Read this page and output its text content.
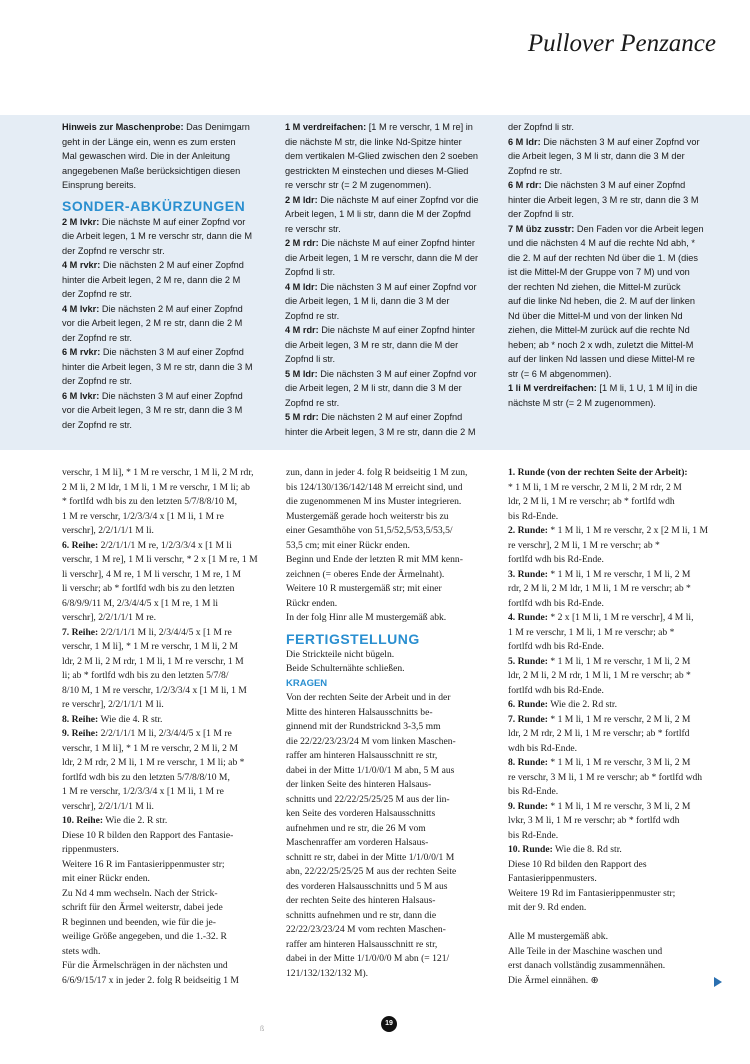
Pullover Penzance

Hinweis zur Maschenprobe: Das Denimgarn

geht in der Länge ein, wenn es zum ersten

Mal gewaschen wird. Die in der Anleitung

angegebenen Maße berücksichtigen diesen

Einsprung bereits.

SONDER-ABKÜRZUNGEN

2 M lvkr: Die nächste M auf einer Zopfnd vor

die Arbeit legen, 1 M re verschr str, dann die M

der Zopfnd re verschr str.

4 M rvkr: Die nächsten 2 M auf einer Zopfnd

hinter die Arbeit legen, 2 M re, dann die 2 M

der Zopfnd re str.

4 M lvkr: Die nächsten 2 M auf einer Zopfnd

vor die Arbeit legen, 2 M re str, dann die 2 M

der Zopfnd re str.

6 M rvkr: Die nächsten 3 M auf einer Zopfnd

hinter die Arbeit legen, 3 M re str, dann die 3 M

der Zopfnd re str.

6 M lvkr: Die nächsten 3 M auf einer Zopfnd

vor die Arbeit legen, 3 M re str, dann die 3 M

der Zopfnd re str.

1 M verdreifachen: [1 M re verschr, 1 M re] in

die nächste M str, die linke Nd-Spitze hinter

dem vertikalen M-Glied zwischen den 2 soeben

gestrickten M einstechen und dieses M-Glied

re verschr str (= 2 M zugenommen).

2 M ldr: Die nächste M auf einer Zopfnd vor die

Arbeit legen, 1 M li str, dann die M der Zopfnd

re verschr str.

2 M rdr: Die nächste M auf einer Zopfnd hinter

die Arbeit legen, 1 M re verschr, dann die M der

Zopfnd li str.

4 M ldr: Die nächsten 3 M auf einer Zopfnd vor

die Arbeit legen, 1 M li, dann die 3 M der

Zopfnd re str.

4 M rdr: Die nächste M auf einer Zopfnd hinter

die Arbeit legen, 3 M re str, dann die M der

Zopfnd li str.

5 M ldr: Die nächsten 3 M auf einer Zopfnd vor

die Arbeit legen, 2 M li str, dann die 3 M der

Zopfnd re str.

5 M rdr: Die nächsten 2 M auf einer Zopfnd

hinter die Arbeit legen, 3 M re str, dann die 2 M

der Zopfnd li str.

6 M ldr: Die nächsten 3 M auf einer Zopfnd vor

die Arbeit legen, 3 M li str, dann die 3 M der

Zopfnd re str.

6 M rdr: Die nächsten 3 M auf einer Zopfnd

hinter die Arbeit legen, 3 M re str, dann die 3 M

der Zopfnd li str.

7 M übz zusstr: Den Faden vor die Arbeit legen

und die nächsten 4 M auf die rechte Nd abh, *

die 2. M auf der rechten Nd über die 1. M (dies

ist die Mittel-M der Gruppe von 7 M) und von

der rechten Nd ziehen, die Mittel-M zurück

auf die linke Nd heben, die 2. M auf der linken

Nd über die Mittel-M und von der linken Nd

ziehen, die Mittel-M zurück auf die rechte Nd

heben; ab * noch 2 x wdh, zuletzt die Mittel-M

auf der linken Nd lassen und diese Mittel-M re

str (= 6 M abgenommen).

1 li M verdreifachen: [1 M li, 1 U, 1 M li] in die

nächste M str (= 2 M zugenommen).

verschr, 1 M li], * 1 M re verschr, 1 M li, 2 M rdr,

2 M li, 2 M ldr, 1 M li, 1 M re verschr, 1 M li; ab

* fortlfd wdh bis zu den letzten 5/7/8/8/10 M,

1 M re verschr, 1/2/3/3/4 x [1 M li, 1 M re

verschr], 2/2/1/1/1 M li.

6. Reihe: 2/2/1/1/1 M re, 1/2/3/3/4 x [1 M li

verschr, 1 M re], 1 M li verschr, * 2 x [1 M re, 1 M

li verschr], 4 M re, 1 M li verschr, 1 M re, 1 M

li verschr; ab * fortlfd wdh bis zu den letzten

6/8/9/9/11 M, 2/3/4/4/5 x [1 M re, 1 M li

verschr], 2/2/1/1/1 M re.

7. Reihe: 2/2/1/1/1 M li, 2/3/4/4/5 x [1 M re

verschr, 1 M li], * 1 M re verschr, 1 M li, 2 M

ldr, 2 M li, 2 M rdr, 1 M li, 1 M re verschr, 1 M

li; ab * fortlfd wdh bis zu den letzten 5/7/8/

8/10 M, 1 M re verschr, 1/2/3/3/4 x [1 M li, 1 M

re verschr], 2/2/1/1/1 M li.

8. Reihe: Wie die 4. R str.

9. Reihe: 2/2/1/1/1 M li, 2/3/4/4/5 x [1 M re

verschr, 1 M li], * 1 M re verschr, 2 M li, 2 M

ldr, 2 M rdr, 2 M li, 1 M re verschr, 1 M li; ab *

fortlfd wdh bis zu den letzten 5/7/8/8/10 M,

1 M re verschr, 1/2/3/3/4 x [1 M li, 1 M re

verschr], 2/2/1/1/1 M li.

10. Reihe: Wie die 2. R str.

Diese 10 R bilden den Rapport des Fantasie-

rippenmusters.

Weitere 16 R im Fantasierippenmuster str;

mit einer Rückr enden.

Zu Nd 4 mm wechseln. Nach der Strick-

schrift für den Ärmel weiterstr, dabei jede

R beginnen und beenden, wie für die je-

weilige Größe angegeben, und die 1.-32. R

stets wdh.

Für die Ärmelschrägen in der nächsten und

6/6/9/15/17 x in jeder 2. folg R beidseitig 1 M

zun, dann in jeder 4. folg R beidseitig 1 M zun,

bis 124/130/136/142/148 M erreicht sind, und

die zugenommenen M ins Muster integrieren.

Mustergemäß gerade hoch weiterstr bis zu

einer Gesamthöhe von 51,5/52,5/53,5/53,5/

53,5 cm; mit einer Rückr enden.

Beginn und Ende der letzten R mit MM kenn-

zeichnen (= oberes Ende der Ärmelnaht).

Weitere 10 R mustergemäß str; mit einer

Rückr enden.

In der folg Hinr alle M mustergemäß abk.

FERTIGSTELLUNG

Die Strickteile nicht bügeln.

Beide Schulternähte schließen.

KRAGEN

Von der rechten Seite der Arbeit und in der

Mitte des hinteren Halsausschnitts be-

ginnend mit der Rundstricknd 3-3,5 mm

die 22/22/23/23/24 M vom linken Maschen-

raffer am hinteren Halsausschnitt re str,

dabei in der Mitte 1/1/0/0/1 M abn, 5 M aus

der linken Seite des hinteren Halsaus-

schnitts und 22/22/25/25/25 M aus der lin-

ken Seite des vorderen Halsausschnitts

aufnehmen und re str, die 26 M vom

Maschenraffer am vorderen Halsaus-

schnitt re str, dabei in der Mitte 1/1/0/0/1 M

abn, 22/22/25/25/25 M aus der rechten Seite

des vorderen Halsausschnitts und 5 M aus

der rechten Seite des hinteren Halsaus-

schnitts aufnehmen und re str, dann die

22/22/23/23/24 M vom rechten Maschen-

raffer am hinteren Halsausschnitt re str,

dabei in der Mitte 1/1/0/0/0 M abn (= 121/

121/132/132/132 M).

1. Runde (von der rechten Seite der Arbeit):

* 1 M li, 1 M re verschr, 2 M li, 2 M rdr, 2 M

ldr, 2 M li, 1 M re verschr; ab * fortlfd wdh

bis Rd-Ende.

2. Runde: * 1 M li, 1 M re verschr, 2 x [2 M li, 1 M

re verschr], 2 M li, 1 M re verschr; ab *

fortlfd wdh bis Rd-Ende.

3. Runde: * 1 M li, 1 M re verschr, 1 M li, 2 M

rdr, 2 M li, 2 M ldr, 1 M li, 1 M re verschr; ab *

fortlfd wdh bis Rd-Ende.

4. Runde: * 2 x [1 M li, 1 M re verschr], 4 M li,

1 M re verschr, 1 M li, 1 M re verschr; ab *

fortlfd wdh bis Rd-Ende.

5. Runde: * 1 M li, 1 M re verschr, 1 M li, 2 M

ldr, 2 M li, 2 M rdr, 1 M li, 1 M re verschr; ab *

fortlfd wdh bis Rd-Ende.

6. Runde: Wie die 2. Rd str.

7. Runde: * 1 M li, 1 M re verschr, 2 M li, 2 M

ldr, 2 M rdr, 2 M li, 1 M re verschr; ab * fortlfd

wdh bis Rd-Ende.

8. Runde: * 1 M li, 1 M re verschr, 3 M li, 2 M

re verschr, 3 M li, 1 M re verschr; ab * fortlfd wdh

bis Rd-Ende.

9. Runde: * 1 M li, 1 M re verschr, 3 M li, 2 M

lvkr, 3 M li, 1 M re verschr; ab * fortlfd wdh

bis Rd-Ende.

10. Runde: Wie die 8. Rd str.

Diese 10 Rd bilden den Rapport des

Fantasierippenmusters.

Weitere 19 Rd im Fantasierippenmuster str;

mit der 9. Rd enden.

Alle M mustergemäß abk.

Alle Teile in der Maschine waschen und

erst danach vollständig zusammennähen.

Die Ärmel einnähen. ⊕

ß
19
